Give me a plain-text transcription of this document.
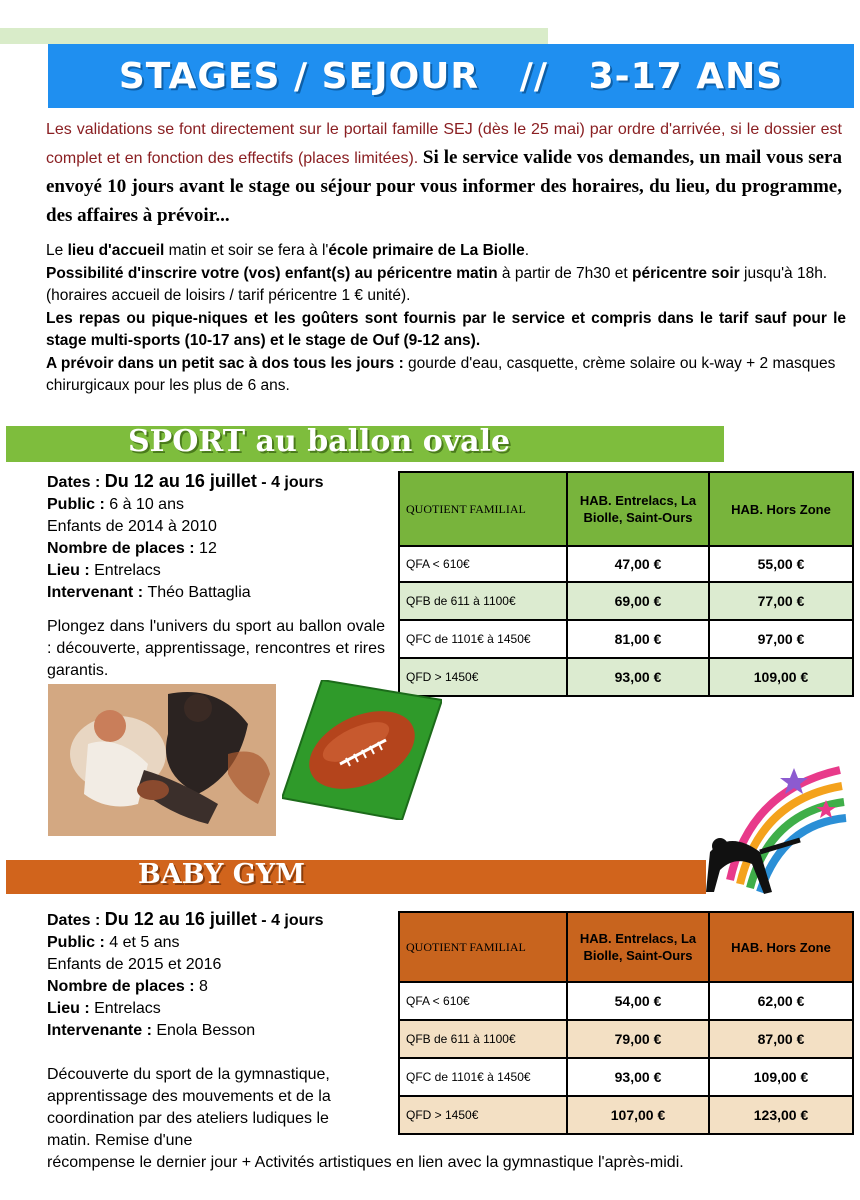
STAGES / SEJOUR   //   3-17 ANS
Les validations se font directement sur le portail famille SEJ (dès le 25 mai) par ordre d'arrivée, si le dossier est complet et en fonction des effectifs (places limitées). Si le service valide vos demandes, un mail vous sera envoyé 10 jours avant le stage ou séjour pour vous informer des horaires, du lieu, du programme, des affaires à prévoir...
Le lieu d'accueil matin et soir se fera à l'école primaire de La Biolle.
Possibilité d'inscrire votre (vos) enfant(s) au péricentre matin à partir de 7h30 et péricentre soir jusqu'à 18h. (horaires accueil de loisirs / tarif péricentre 1 € unité).
Les repas ou pique-niques et les goûters sont fournis par le service et compris dans le tarif sauf pour le stage multi-sports (10-17 ans) et le stage de Ouf (9-12 ans).
A prévoir dans un petit sac à dos tous les jours : gourde d'eau, casquette, crème solaire ou k-way + 2 masques chirurgicaux pour les plus de 6 ans.
SPORT au ballon ovale
Dates : Du 12 au 16 juillet - 4 jours
Public : 6 à 10 ans
Enfants de 2014 à 2010
Nombre de places : 12
Lieu : Entrelacs
Intervenant : Théo Battaglia
Plongez dans l'univers du sport au ballon ovale : découverte, apprentissage, rencontres et rires garantis.
QUOTIENT FAMILIAL	HAB. Entrelacs, La Biolle, Saint-Ours	HAB. Hors Zone
QFA < 610€	47,00 €	55,00 €
QFB de 611 à 1100€	69,00 €	77,00 €
QFC de 1101€ à 1450€	81,00 €	97,00 €
QFD > 1450€	93,00 €	109,00 €
BABY GYM
Dates : Du 12 au 16 juillet - 4 jours
Public : 4 et 5 ans
Enfants de 2015 et 2016
Nombre de places : 8
Lieu : Entrelacs
Intervenante : Enola Besson
Découverte du sport de la gymnastique, apprentissage des mouvements et de la coordination par des ateliers ludiques le matin. Remise d'une
récompense le dernier jour + Activités artistiques en lien avec la gymnastique l'après-midi.
QUOTIENT FAMILIAL	HAB. Entrelacs, La Biolle, Saint-Ours	HAB. Hors Zone
QFA < 610€	54,00 €	62,00 €
QFB de 611 à 1100€	79,00 €	87,00 €
QFC de 1101€ à 1450€	93,00 €	109,00 €
QFD > 1450€	107,00 €	123,00 €
